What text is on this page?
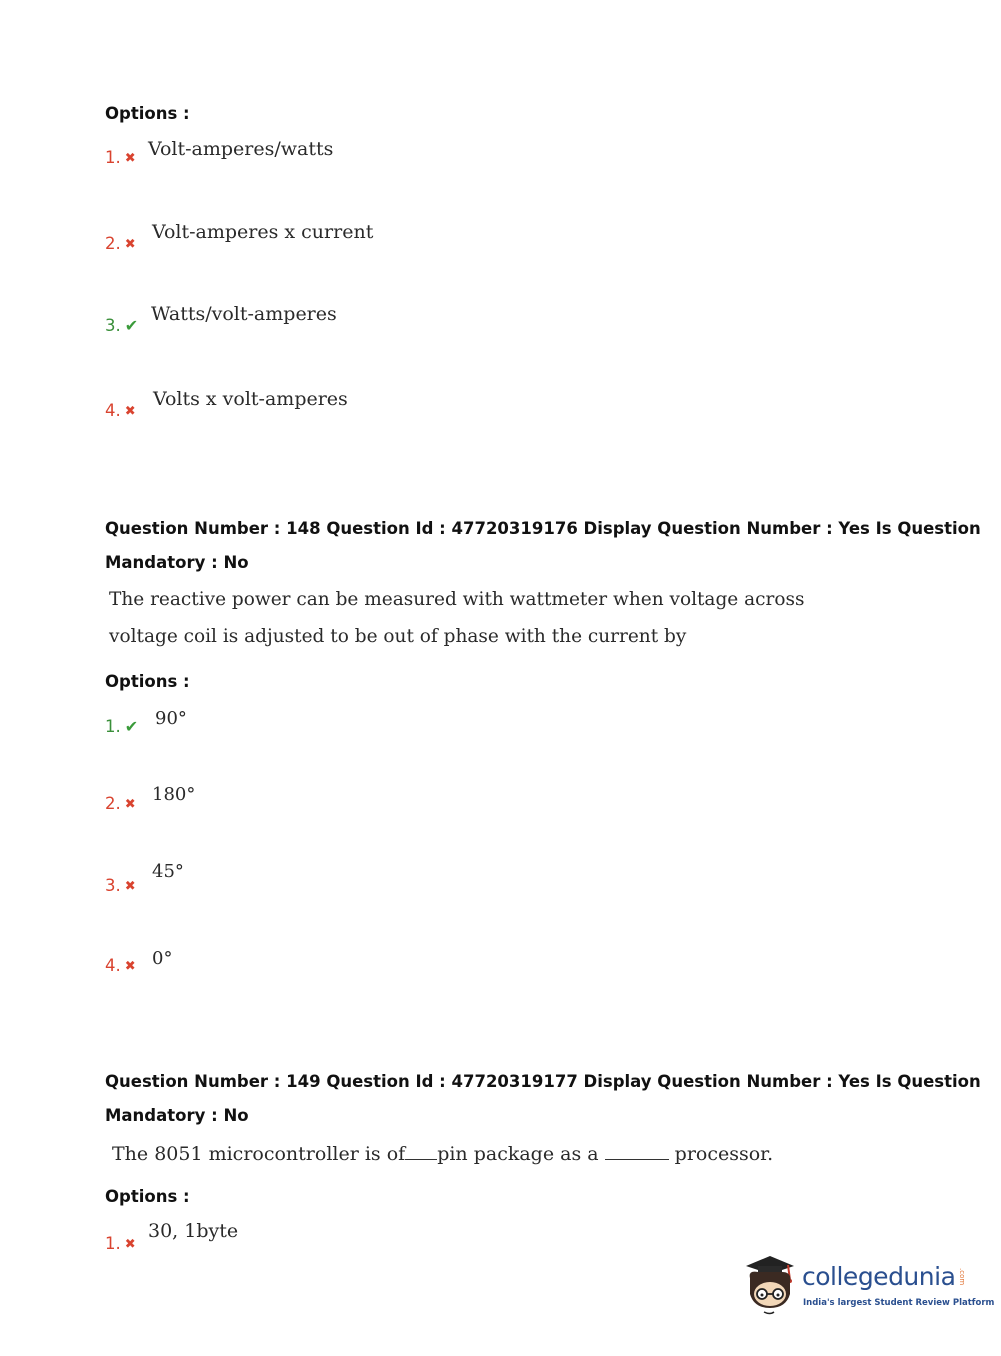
Options :
1. ✖ Volt-amperes/watts
2. ✖
Volt-amperes x current
3. ✔
Watts/volt-amperes
4. ✖
Volts x volt-amperes
Question Number : 148 Question Id : 47720319176 Display Question Number : Yes Is Question
Mandatory : No
The reactive power can be measured with wattmeter when voltage across
voltage coil is adjusted to be out of phase with the current by
Options :
1. ✔ 90°
2. ✖ 180°
3. ✖
45°
4. ✖ 0°
Question Number : 149 Question Id : 47720319177 Display Question Number : Yes Is Question
Mandatory : No
The 8051 microcontroller is of pin package as a	processor.
Options :
1. ✖
30, 1byte
collegedunia .com
India's largest Student Review Platform
